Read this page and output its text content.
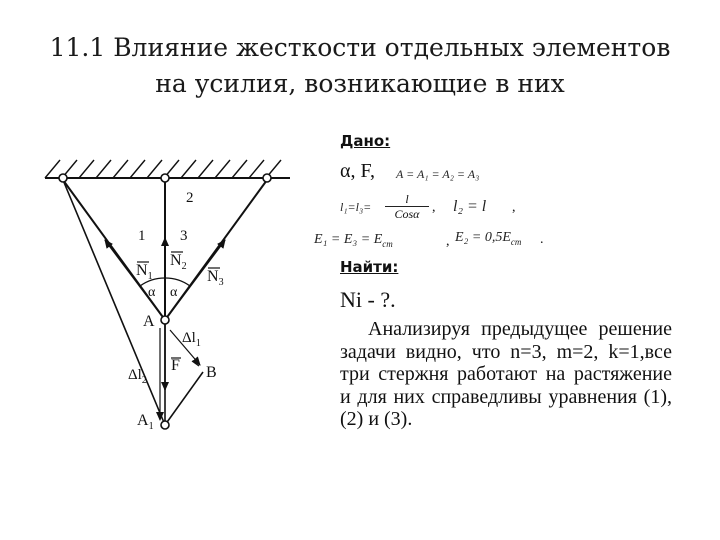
11.1 Влияние жесткости отдельных элементов
на усилия, возникающие в них
1
2
3
$N_1$
$N_2$
$N_3$
α α
A
$\Delta l_1$
$\Delta l_2$
F B
$A_1$
Дано:
α, F, A = A₁ = A₂ = A₃
l₁=l₃=
l
Cosα , l₂ = l ,
$E_1 = E_3 = E_{cm}$	, $E_2 = 0,5E_{cm}$ .
Найти:
Ni - ?.
Анализируя предыдущее решение задачи видно, что n=3, m=2, k=1,все три стержня работают на растяжение и для них справедливы уравнения (1), (2) и (3).
